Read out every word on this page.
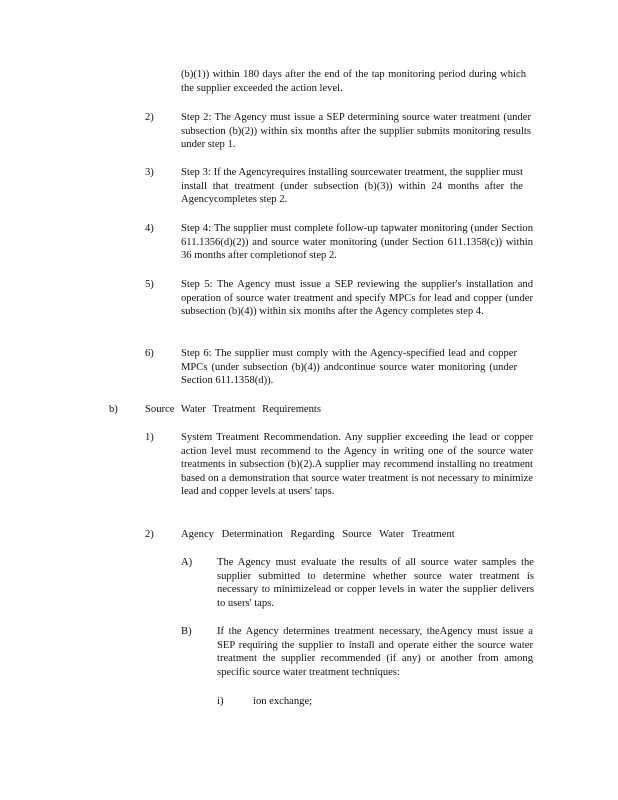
(b)(1)) within 180 days after the end of the tap monitoring period during which the supplier exceeded the action level.
2)	Step 2: The Agency must issue a SEP determining source water treatment (under subsection (b)(2)) within six months after the supplier submits monitoring results under step 1.
3)	Step 3: If the Agencyrequires installing sourcewater treatment, the supplier must install that treatment (under subsection (b)(3)) within 24 months after the Agencycompletes step 2.
4)	Step 4: The supplier must complete follow-up tapwater monitoring (under Section 611.1356(d)(2)) and source water monitoring (under Section 611.1358(c)) within 36 months after completionof step 2.
5)	Step 5: The Agency must issue a SEP reviewing the supplier's installation and operation of source water treatment and specify MPCs for lead and copper (under subsection (b)(4)) within six months after the Agency completes step 4.
6)	Step 6: The supplier must comply with the Agency-specified lead and copper MPCs (under subsection (b)(4)) andcontinue source water monitoring (under Section 611.1358(d)).
b)	Source Water Treatment Requirements
1)	System Treatment Recommendation. Any supplier exceeding the lead or copper action level must recommend to the Agency in writing one of the source water treatments in subsection (b)(2).A supplier may recommend installing no treatment based on a demonstration that source water treatment is not necessary to minimize lead and copper levels at users' taps.
2)	Agency Determination Regarding Source Water Treatment
A) The Agency must evaluate the results of all source water samples the supplier submitted to determine whether source water treatment is necessary to minimizelead or copper levels in water the supplier delivers to users' taps.
B) If the Agency determines treatment necessary, theAgency must issue a SEP requiring the supplier to install and operate either the source water treatment the supplier recommended (if any) or another from among specific source water treatment techniques:
i)	ion exchange;
